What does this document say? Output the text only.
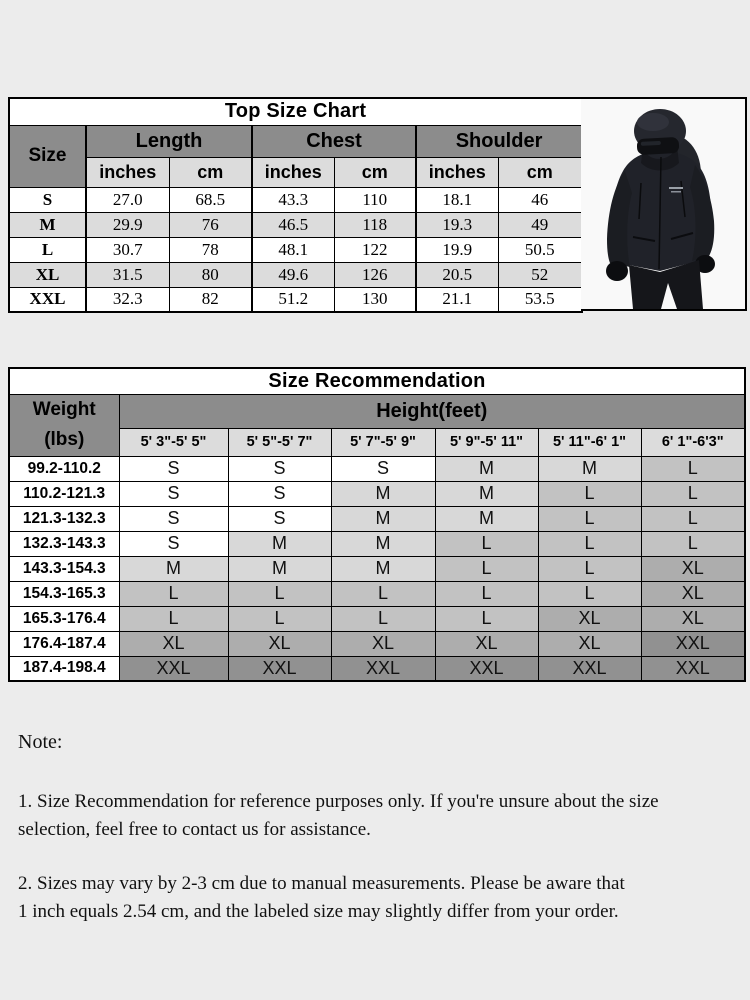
Top Size Chart						
Size	Length		Chest		Shoulder	
	inches	cm	inches	cm	inches	cm
S	27.0	68.5	43.3	110	18.1	46
M	29.9	76	46.5	118	19.3	49
L	30.7	78	48.1	122	19.9	50.5
XL	31.5	80	49.6	126	20.5	52
XXL	32.3	82	51.2	130	21.1	53.5
Size Recommendation						

Weight
(lbs)	Height(feet)					
	5' 3"-5' 5"	5' 5"-5' 7"	5' 7"-5' 9"	5' 9"-5' 11"	5' 11"-6' 1"	6' 1"-6'3"
99.2-110.2	S	S	S	M	M	L
110.2-121.3	S	S	M	M	L	L
121.3-132.3	S	S	M	M	L	L
132.3-143.3	S	M	M	L	L	L
143.3-154.3	M	M	M	L	L	XL
154.3-165.3	L	L	L	L	L	XL
165.3-176.4	L	L	L	L	XL	XL
176.4-187.4	XL	XL	XL	XL	XL	XXL
187.4-198.4	XXL	XXL	XXL	XXL	XXL	XXL
Note:
1. Size Recommendation for reference purposes only. If you're unsure about the size
selection, feel free to contact us for assistance.
2. Sizes may vary by 2-3 cm due to manual measurements. Please be aware that
1 inch equals 2.54 cm, and the labeled size may slightly differ from your order.
